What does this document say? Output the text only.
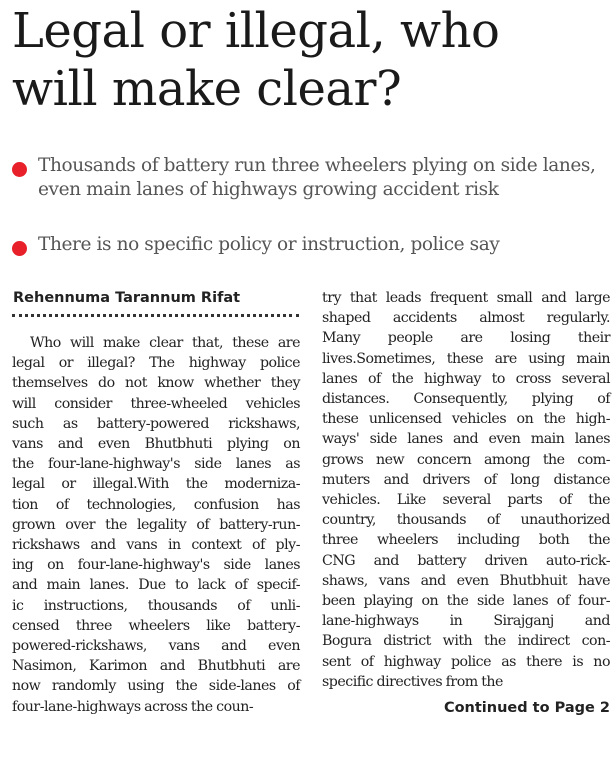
Legal or illegal, who
will make clear?
Thousands of battery run three wheelers plying on side lanes,
even main lanes of highways growing accident risk
There is no specific policy or instruction, police say
Rehennuma Tarannum Rifat
Who will make clear that, these are
legal or illegal? The highway police
themselves do not know whether they
will consider three-wheeled vehicles
such as battery-powered rickshaws,
vans and even Bhutbhuti plying on
the four-lane-highway's side lanes as
legal or illegal.With the moderniza-
tion of technologies, confusion has
grown over the legality of battery-run-
rickshaws and vans in context of ply-
ing on four-lane-highway's side lanes
and main lanes. Due to lack of specif-
ic instructions, thousands of unli-
censed three wheelers like battery-
powered-rickshaws, vans and even
Nasimon, Karimon and Bhutbhuti are
now randomly using the side-lanes of
four-lane-highways across the coun-
try that leads frequent small and large
shaped accidents almost regularly.
Many people are losing their
lives.Sometimes, these are using main
lanes of the highway to cross several
distances. Consequently, plying of
these unlicensed vehicles on the high-
ways' side lanes and even main lanes
grows new concern among the com-
muters and drivers of long distance
vehicles. Like several parts of the
country, thousands of unauthorized
three wheelers including both the
CNG and battery driven auto-rick-
shaws, vans and even Bhutbhuit have
been playing on the side lanes of four-
lane-highways in Sirajganj and
Bogura district with the indirect con-
sent of highway police as there is no
specific directives from the
Continued to Page 2
